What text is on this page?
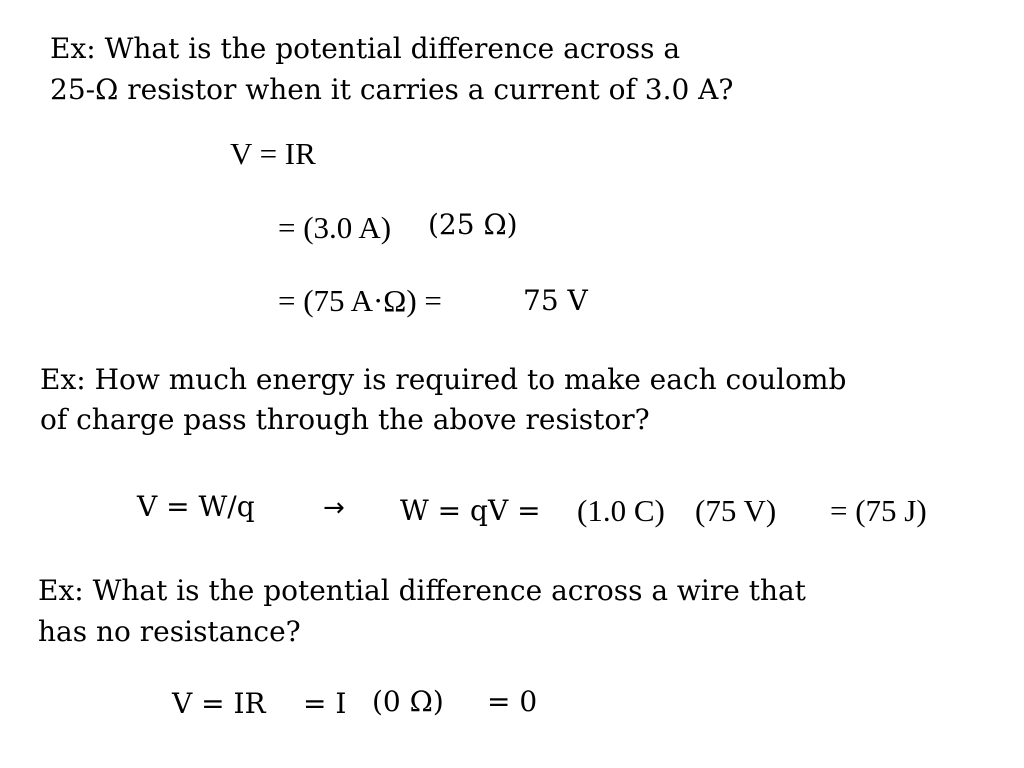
Ex: What is the potential difference across a
25-Ω resistor when it carries a current of 3.0 A?
V = IR
= (3.0 A) (25 Ω)
= (75 A·Ω) =	75 V
Ex: How much energy is required to make each coulomb
of charge pass through the above resistor?
V = W/q	→ W = qV = (1.0 C) (75 V) = (75 J)
Ex: What is the potential difference across a wire that
has no resistance?
V = IR = I (0 Ω) = 0
